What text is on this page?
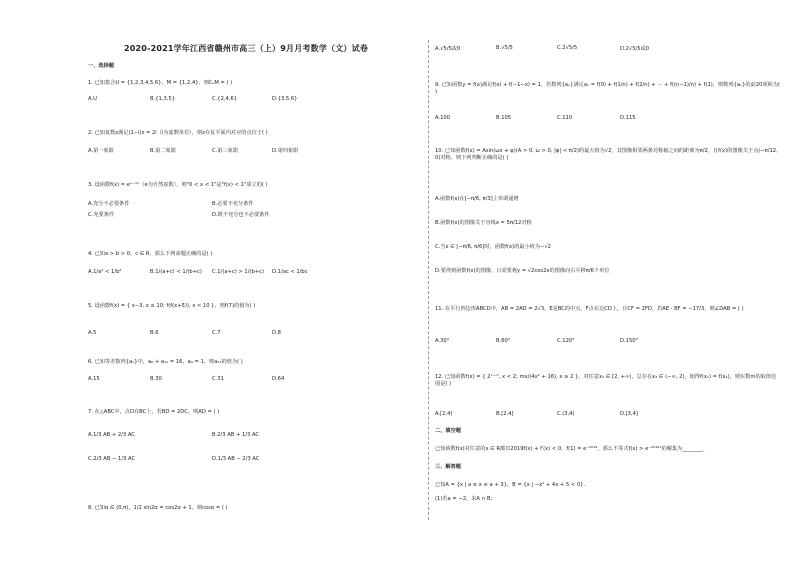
2020-2021学年江西省赣州市高三（上）9月月考数学（文）试卷
一、选择题
1. 已知集合U = {1,2,3,4,5,6}，M = {1,2,4}，则∁ᵤM = ( )
A.U	B.{1,3,5}	C.{2,4,6}	D.{3,5,6}
2. 已知复数z满足(1−i)z = 2i（i为虚数单位），则z在复平面内对应的点位于( )
A.第一象限	B.第二象限	C.第三象限	D.第四象限
3. 设函数f(x) = eˣ⁻¹ˣ（e为自然底数），则"0 < x < 1"是"f(x) < 1"成立的( )
A.充分不必要条件	B.必要不充分条件
C.充要条件	D.既不充分也不必要条件
4. 已知a > b > 0，c ∈ R，那么下列命题正确的是( )
A.1/a² < 1/b²	B.1/(a+c) < 1/(b+c) C.1/(a+c) > 1/(b+c) D.1/ac < 1/bc
5. 设函数f(x) = { x−3, x ≥ 10; f(f(x+5)), x < 10 }，则f(7)的值为( )
A.5	B.6	C.7	D.8
6. 已知等差数列{aₙ}中，a₆ + a₁₁ = 16，a₄ = 1，则a₁₃的值为( )
A.15	B.30	C.31	D.64
7. 在△ABC中，点D在BC上，若BD = 2DC，则AD = ( )
A.1/3 AB + 2/3 AC	B.2/3 AB + 1/3 AC
C.2/3 AB − 1/3 AC	D.1/3 AB − 2/3 AC
8. 已知α ∈ (0,π)，1/2 sin2α = cos2α + 1，则cosα = ( )
A.√5/5或0	B.√5/5	C.2√5/5	D.2√5/5或0
9. 已知函数y = f(x)满足f(x) + f(−1−x) = 1，若数列{aₙ}满足aₙ = f(0) + f(1/n) + f(2/n) + ⋯ + f((n−1)/n) + f(1)，则数列{aₙ}的前20项和为( )
A.100	B.105	C.110	D.115
10. 已知函数f(x) = Asin(ωx + φ)(A > 0, ω > 0, |φ| < π/2)的最大值为√2，其图像相邻两条对称轴之间的距离为π/2，且f(x)的图像关于点(−π/12, 0)对称，则下列判断正确的是( )
A.函数f(x)在[−π/6, π/3]上单调递增
B.函数f(x)的图像关于直线x = 5π/12对称
C.当x ∈ [−π/6, π/6]时，函数f(x)的最小值为−√2
D.要得到函数f(x)的图像，只需要将y = √2cos2x的图像向右平移π/6个单位
11. 在平行四边形ABCD中，AB = 2AD = 2√3，E是BC的中点，F点在边CD上，且CF = 2FD，若AE · BF = −17/3，则∠DAB = ( )
A.30°	B.60°	C.120°	D.150°
12. 已知函数f(x) = { 2ˣ⁻ᵐ, x < 2; mx/(4x² + 16), x ≥ 2 }，对任意x₁ ∈ [2, +∞)，总存在x₂ ∈ (−∞, 2)，使得f(x₁) = f(x₂)，则实数m的取值范围是( )
A.[2,4)	B.[2,4]	C.(3,4)	D.[3,4]
二、填空题
已知函数f(x)对任意的x ∈ R都有2019f(x) + f′(x) < 0，f(1) = e⁻²⁰¹⁹，那么不等式f(x) > e⁻²⁰¹⁹ˣ的解集为________.
三、解答题
已知A = {x | a ≤ x ≤ a + 3}，B = {x | −x² + 4x + 5 < 0}.
(1)若a = −2，求A ∩ B；
